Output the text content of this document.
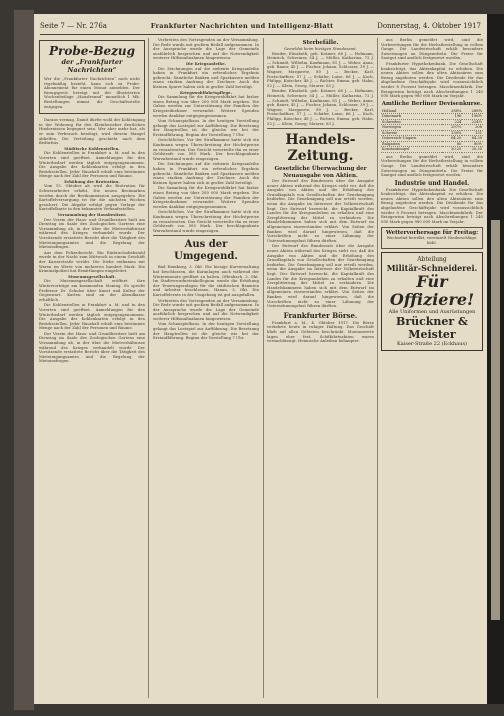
Seite 7 — Nr. 276a	Frankfurter Nachrichten und Intelligenz-Blatt	Donnerstag, 4. Oktober 1917
Probe-Bezug
der „Frankfurter Nachrichten“
Wer die „Frankfurter Nachrichten“ noch nicht regelmäßig bezieht, kann sich zu Probe-Abonnement für einen Monat anmelden. Der Bezugspreis beträgt mit der illustrierten Wochenbeilage „Hausfreund“ monatlich 1 Mk. Bestellungen nimmt die Geschäftsstelle entgegen.

Daraus vermag. Damit dürfte wohl der Kohlengang in der Wohnung für den Kleinbezieher deutlichen Hindernissen begegnet sein. Wer aber mehr hat, als er zum Verbrauch benötigt, wird diesem Mangel abhelfen. Die Verteilung geschieht nach dem Bedürfnis.

Städtische Kohlenstellen.

Die Kohlenstellen in Frankfurt a. M. und in den Vororten sind geöffnet. Anmeldungen für den Winterbedarf werden täglich entgegengenommen. Die Ausgabe der Kohlenkarten erfolgt in den Bezirksstellen. Jeder Haushalt erhält eine bestimmte Menge nach der Zahl der Personen und Räume.

Erhöhung der Brotration.

Vom 15. Oktober ab wird die Brotration für Schwerarbeiter erhöht. Die neuen Brotmarken werden durch die Brotkommission ausgegeben. Die Kartoffelversorgung ist für die nächsten Wochen gesichert. Die Abgabe erfolgt gegen Vorlage der Kartoffelkarte in den bekannten Verkaufsstellen.

Versammlung der Hausbesitzer.

Der Verein der Haus- und Grundbesitzer hielt am Dienstag im Saale des Zoologischen Gartens eine Versammlung ab, in der über die Mietverhältnisse während des Krieges verhandelt wurde. Der Vorsitzende erstattete Bericht über die Tätigkeit des Mieteinigungsamtes und die Regelung der Mietzinsfragen.

Aus dem Polizeibericht. Ein Einbruchsdiebstahl wurde in der Nacht zum Mittwoch in einem Geschäft der Kaiserstraße verübt. Die Diebe entkamen mit Waren im Werte von mehreren hundert Mark. Die Kriminalpolizei hat Ermittlungen eingeleitet.

Museumsgesellschaft.

Die Museumsgesellschaft eröffnet ihre Wintervorträge am kommenden Montag. Es spricht Professor Dr. Schulze über Kunst und Kultur der Gegenwart. Karten sind an der Abendkasse erhältlich.

Die Kohlenstellen in Frankfurt a. M. und in den Vororten sind geöffnet. Anmeldungen für den Winterbedarf werden täglich entgegengenommen. Die Ausgabe der Kohlenkarten erfolgt in den Bezirksstellen. Jeder Haushalt erhält eine bestimmte Menge nach der Zahl der Personen und Räume.

Der Verein der Haus- und Grundbesitzer hielt am Dienstag im Saale des Zoologischen Gartens eine Versammlung ab, in der über die Mietverhältnisse während des Krieges verhandelt wurde. Der Vorsitzende erstattete Bericht über die Tätigkeit des Mieteinigungsamtes und die Regelung der Mietzinsfragen.

Verbreiten des Vortragenden an der Versammlung. Die Rede wurde mit großem Beifall aufgenommen. In der Aussprache wurde die Lage der Gemeinde ausführlich besprochen und auf die Notwendigkeit weiterer Hilfsmaßnahmen hingewiesen.

Die Kriegsanleihe.

Die Zeichnungen auf die siebente Kriegsanleihe haben in Frankfurt ein erfreuliches Ergebnis gebracht. Sämtliche Banken und Sparkassen melden einen starken Andrang der Zeichner. Auch die kleinen Sparer haben sich in großer Zahl beteiligt.

Kriegswohlfahrtspflege.

Die Sammlung für die Kriegswohlfahrt hat bisher einen Betrag von über 200 000 Mark ergeben. Die Gaben werden zur Unterstützung der Familien der Kriegsteilnehmer verwendet. Weitere Spenden werden dankbar entgegengenommen.

Vom Schauspielhaus. In der heutigen Vorstellung gelangt das Lustspiel zur Aufführung. Die Besetzung der Hauptrollen ist die gleiche wie bei der Erstaufführung. Beginn der Vorstellung 7 Uhr.

Gerichtliches. Vor der Strafkammer hatte sich ein Kaufmann wegen Überschreitung der Höchstpreise zu verantworten. Das Gericht verurteilte ihn zu einer Geldstrafe von 500 Mark. Der beschlagnahmte Warenbestand wurde eingezogen.

Die Zeichnungen auf die siebente Kriegsanleihe haben in Frankfurt ein erfreuliches Ergebnis gebracht. Sämtliche Banken und Sparkassen melden einen starken Andrang der Zeichner. Auch die kleinen Sparer haben sich in großer Zahl beteiligt.

Die Sammlung für die Kriegswohlfahrt hat bisher einen Betrag von über 200 000 Mark ergeben. Die Gaben werden zur Unterstützung der Familien der Kriegsteilnehmer verwendet. Weitere Spenden werden dankbar entgegengenommen.

Gerichtliches. Vor der Strafkammer hatte sich ein Kaufmann wegen Überschreitung der Höchstpreise zu verantworten. Das Gericht verurteilte ihn zu einer Geldstrafe von 500 Mark. Der beschlagnahmte Warenbestand wurde eingezogen.

Aus der Umgegend.

Bad Homburg, 3. Okt. Die hiesige Kurverwaltung hat beschlossen, die Kuranlagen auch während der Wintermonate geöffnet zu halten. Offenbach, 3. Okt. Im Stadtverordnetenkollegium wurde die Erhöhung der Teuerungszulagen für die städtischen Beamten und Arbeiter beschlossen. Hanau, 3. Okt. Die Kartoffelernte in der Umgebung ist gut ausgefallen.

Verbreiten des Vortragenden an der Versammlung. Die Rede wurde mit großem Beifall aufgenommen. In der Aussprache wurde die Lage der Gemeinde ausführlich besprochen und auf die Notwendigkeit weiterer Hilfsmaßnahmen hingewiesen.

Vom Schauspielhaus. In der heutigen Vorstellung gelangt das Lustspiel zur Aufführung. Die Besetzung der Hauptrollen ist die gleiche wie bei der Erstaufführung. Beginn der Vorstellung 7 Uhr.

Sterbefälle.
Gemeldet beim hiesigen Standesamt.

Bender, Elisabeth, geb. Krämer, 68 J. — Hofmann, Heinrich, Schreiner, 54 J. — Müller, Katharina, 72 J. — Schmidt, Wilhelm, Kaufmann, 61 J. — Weber, Anna, geb. Bauer, 45 J. — Fischer, Johann, Schlosser, 39 J. — Wagner, Margarete, 80 J. — Becker, Karl, Postschaffner, 57 J. — Schäfer, Luise, 66 J. — Koch, Philipp, Kutscher, 48 J. — Richter, Emma, geb. Hahn, 52 J. — Klein, Georg, Maurer, 63 J.

Bender, Elisabeth, geb. Krämer, 68 J. — Hofmann, Heinrich, Schreiner, 54 J. — Müller, Katharina, 72 J. — Schmidt, Wilhelm, Kaufmann, 61 J. — Weber, Anna, geb. Bauer, 45 J. — Fischer, Johann, Schlosser, 39 J. — Wagner, Margarete, 80 J. — Becker, Karl, Postschaffner, 57 J. — Schäfer, Luise, 66 J. — Koch, Philipp, Kutscher, 48 J. — Richter, Emma, geb. Hahn, 52 J. — Klein, Georg, Maurer, 63 J.

Handels-Zeitung.
Gesetzliche Überwachung der Neuausgabe von Aktien.

Der Entwurf des Bundesrats über die Ausgabe neuer Aktien während des Krieges sieht vor, daß die Ausgabe von Aktien und die Erhöhung des Grundkapitals von Gesellschaften der Genehmigung bedürfen. Die Genehmigung soll nur erteilt werden, wenn die Ausgabe im Interesse der Volkswirtschaft liegt. Der Entwurf bezweckt, die Kapitalkraft des Landes für die Kriegsanleihen zu erhalten und eine Zersplitterung der Mittel zu verhindern. Die Handelskammern haben sich mit dem Entwurf im allgemeinen einverstanden erklärt. Von Seiten der Banken wird darauf hingewiesen, daß die Vorschriften nicht zu einer Lähmung der Unternehmungslust führen dürften.

Der Entwurf des Bundesrats über die Ausgabe neuer Aktien während des Krieges sieht vor, daß die Ausgabe von Aktien und die Erhöhung des Grundkapitals von Gesellschaften der Genehmigung bedürfen. Die Genehmigung soll nur erteilt werden, wenn die Ausgabe im Interesse der Volkswirtschaft liegt. Der Entwurf bezweckt, die Kapitalkraft des Landes für die Kriegsanleihen zu erhalten und eine Zersplitterung der Mittel zu verhindern. Die Handelskammern haben sich mit dem Entwurf im allgemeinen einverstanden erklärt. Von Seiten der Banken wird darauf hingewiesen, daß die Vorschriften nicht zu einer Lähmung der Unternehmungslust führen dürften.

Frankfurter Börse.

Frankfurt a. M., 4. Oktober 1917. Die Börse verkehrte heute in ruhiger Haltung. Das Geschäft blieb auf allen Gebieten beschränkt. Montanwerte lagen eher fest, Schiffahrtsaktien waren vernachlässigt. Heimische Anleihen behauptet.

aus Berlin gemeldet wird, sind die Vorbereitungen für die Herbstbestellung in vollem Gange. Die Landwirtschaft erhält besondere Zuweisungen an Düngemitteln. Die Preise für Saatgut sind amtlich festgesetzt worden.

Frankfurter Hypothekenbank. Die Gesellschaft beabsichtigt, das Aktienkapital zu erhöhen. Die neuen Aktien sollen den alten Aktionären zum Bezug angeboten werden. Die Dividende für das abgelaufene Geschäftsjahr wird voraussichtlich wieder 8 Prozent betragen. Maschinenfabrik. Der Reingewinn beträgt nach Abschreibungen 1 240 000 Mark gegen 980 000 Mark im Vorjahr.

Amtliche Berliner Devisenkurse.
Holland	288¼	288¾
Dänemark	196	196½
Schweden	224	224½
Norwegen	207½	208
Schweiz	130¾	131
Österreich-Ungarn	64.20	64.30
Bulgarien	80	80½
Konstantinopel	20.25	20.35

aus Berlin gemeldet wird, sind die Vorbereitungen für die Herbstbestellung in vollem Gange. Die Landwirtschaft erhält besondere Zuweisungen an Düngemitteln. Die Preise für Saatgut sind amtlich festgesetzt worden.

Industrie und Handel.

Frankfurter Hypothekenbank. Die Gesellschaft beabsichtigt, das Aktienkapital zu erhöhen. Die neuen Aktien sollen den alten Aktionären zum Bezug angeboten werden. Die Dividende für das abgelaufene Geschäftsjahr wird voraussichtlich wieder 8 Prozent betragen. Maschinenfabrik. Der Reingewinn beträgt nach Abschreibungen 1 240 000 Mark gegen 980 000 Mark im Vorjahr.

Wettervorhersage für Freitag:
Wechselnd bewölkt, vereinzelt Niederschläge, kühl.
Abteilung
Militär-Schneiderei.
Für Offiziere!
Alle Uniformen und Ausrüstungen
Brückner & Meister
Kaiser-Straße 22 (Eckhaus)
